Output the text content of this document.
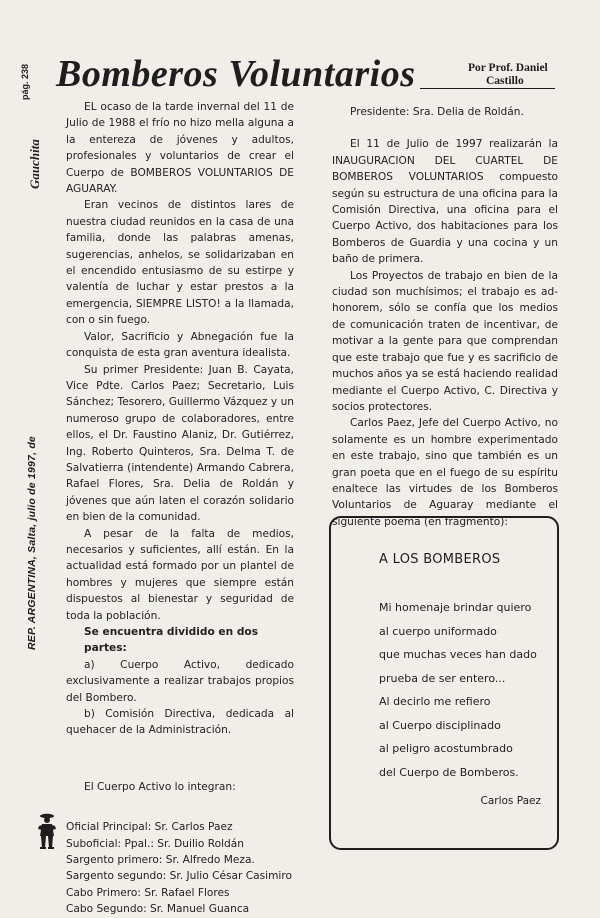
pág. 238
Gauchita
REP. ARGENTINA, Salta, julio de 1997, de
Bomberos Voluntarios	Por Prof. Daniel
Castillo

EL ocaso de la tarde invernal del 11 de Julio de 1988 el frío no hizo mella alguna a la entereza de jóvenes y adultos, profesionales y voluntarios de crear el Cuerpo de BOMBEROS VOLUNTARIOS DE AGUARAY.

Eran vecinos de distintos lares de nuestra ciudad reunidos en la casa de una familia, donde las palabras amenas, sugerencias, anhelos, se solidarizaban en el encendido entusiasmo de su estirpe y valentía de luchar y estar prestos a la emergencia, SIEMPRE LISTO! a la llamada, con o sin fuego.

Valor, Sacrificio y Abnegación fue la conquista de esta gran aventura idealista.

Su primer Presidente: Juan B. Cayata, Vice Pdte. Carlos Paez; Secretario, Luis Sánchez; Tesorero, Guillermo Vázquez y un numeroso grupo de colaboradores, entre ellos, el Dr. Faustino Alaniz, Dr. Gutiérrez, Ing. Roberto Quinteros, Sra. Delma T. de Salvatierra (intendente) Armando Cabrera, Rafael Flores, Sra. Delia de Roldán y jóvenes que aún laten el corazón solidario en bien de la comunidad.

A pesar de la falta de medios, necesarios y suficientes, allí están. En la actualidad está formado por un plantel de hombres y mujeres que siempre están dispuestos al bienestar y seguridad de toda la población.

Se encuentra dividido en dos partes:

a) Cuerpo Activo, dedicado exclusivamente a realizar trabajos propios del Bombero.

b) Comisión Directiva, dedicada al quehacer de la Administración.

El Cuerpo Activo lo integran:
Oficial Principal: Sr. Carlos Paez
Suboficial: Ppal.: Sr. Duilio Roldán
Sargento primero: Sr. Alfredo Meza.
Sargento segundo: Sr. Julio César Casimiro
Cabo Primero: Sr. Rafael Flores
Cabo Segundo: Sr. Manuel Guanca

Presidente: Sra. Delia de Roldán.

El 11 de Julio de 1997 realizarán la INAUGURACION DEL CUARTEL DE BOMBEROS VOLUNTARIOS compuesto según su estructura de una oficina para la Comisión Directiva, una oficina para el Cuerpo Activo, dos habitaciones para los Bomberos de Guardia y una cocina y un baño de primera.

Los Proyectos de trabajo en bien de la ciudad son muchísimos; el trabajo es ad-honorem, sólo se confía que los medios de comunicación traten de incentivar, de motivar a la gente para que comprendan que este trabajo que fue y es sacrificio de muchos años ya se está haciendo realidad mediante el Cuerpo Activo, C. Directiva y socios protectores.

Carlos Paez, Jefe del Cuerpo Activo, no solamente es un hombre experimentado en este trabajo, sino que también es un gran poeta que en el fuego de su espíritu enaltece las virtudes de los Bomberos Voluntarios de Aguaray mediante el siguiente poema (en fragmento):

A LOS BOMBEROS
Mi homenaje brindar quiero
al cuerpo uniformado
que muchas veces han dado
prueba de ser entero...
Al decirlo me refiero
al Cuerpo disciplinado
al peligro acostumbrado
del Cuerpo de Bomberos.
Carlos Paez
